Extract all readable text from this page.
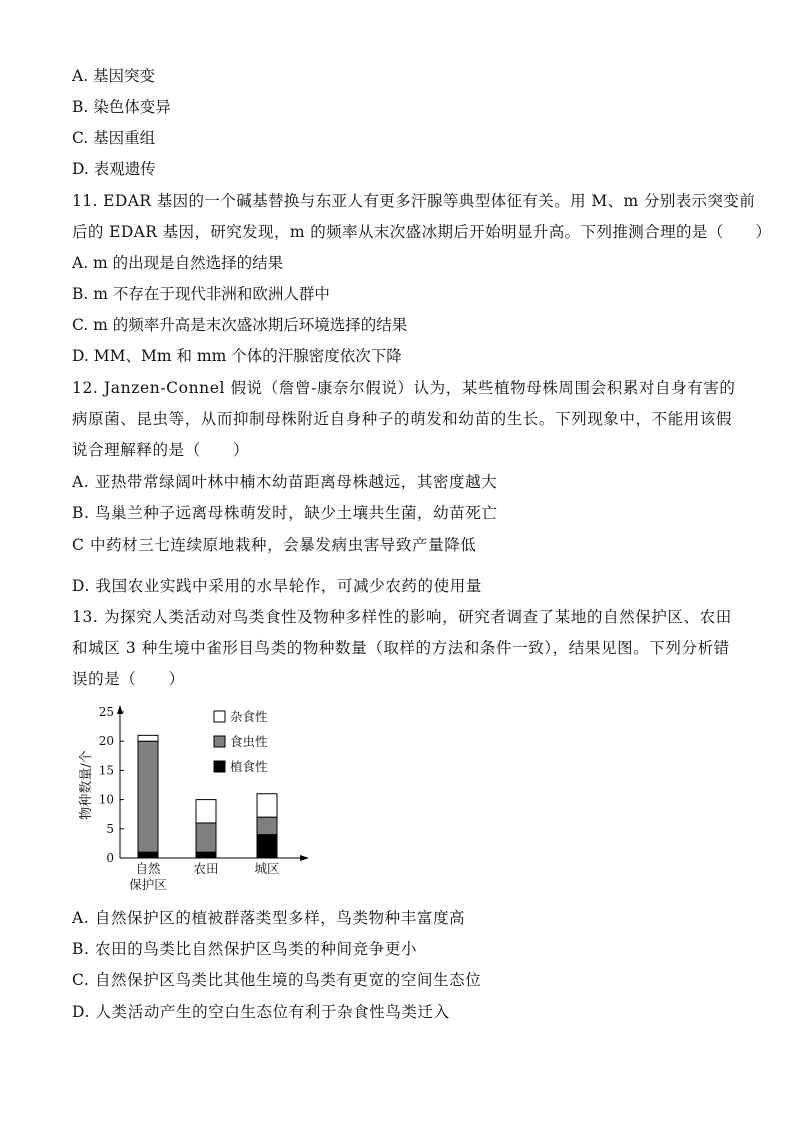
A. 基因突变
B. 染色体变异
C. 基因重组
D. 表观遗传
11. EDAR 基因的一个碱基替换与东亚人有更多汗腺等典型体征有关。用 M、m 分别表示突变前
后的 EDAR 基因，研究发现，m 的频率从末次盛冰期后开始明显升高。下列推测合理的是（　　）
A. m 的出现是自然选择的结果
B. m 不存在于现代非洲和欧洲人群中
C. m 的频率升高是末次盛冰期后环境选择的结果
D. MM、Mm 和 mm 个体的汗腺密度依次下降
12. Janzen-Connel 假说（詹曾-康奈尔假说）认为，某些植物母株周围会积累对自身有害的
病原菌、昆虫等，从而抑制母株附近自身种子的萌发和幼苗的生长。下列现象中，不能用该假
说合理解释的是（　　）
A. 亚热带常绿阔叶林中楠木幼苗距离母株越远，其密度越大
B. 鸟巢兰种子远离母株萌发时，缺少土壤共生菌，幼苗死亡
C 中药材三七连续原地栽种，会暴发病虫害导致产量降低
D. 我国农业实践中采用的水旱轮作，可减少农药的使用量
13. 为探究人类活动对鸟类食性及物种多样性的影响，研究者调查了某地的自然保护区、农田
和城区 3 种生境中雀形目鸟类的物种数量（取样的方法和条件一致），结果见图。下列分析错
误的是（　　）
0
5
10
15
20
25
自然
保护区
农田	城区
物种数量/个
杂食性
食虫性
植食性
A. 自然保护区的植被群落类型多样，鸟类物种丰富度高
B. 农田的鸟类比自然保护区鸟类的种间竞争更小
C. 自然保护区鸟类比其他生境的鸟类有更宽的空间生态位
D. 人类活动产生的空白生态位有利于杂食性鸟类迁入
